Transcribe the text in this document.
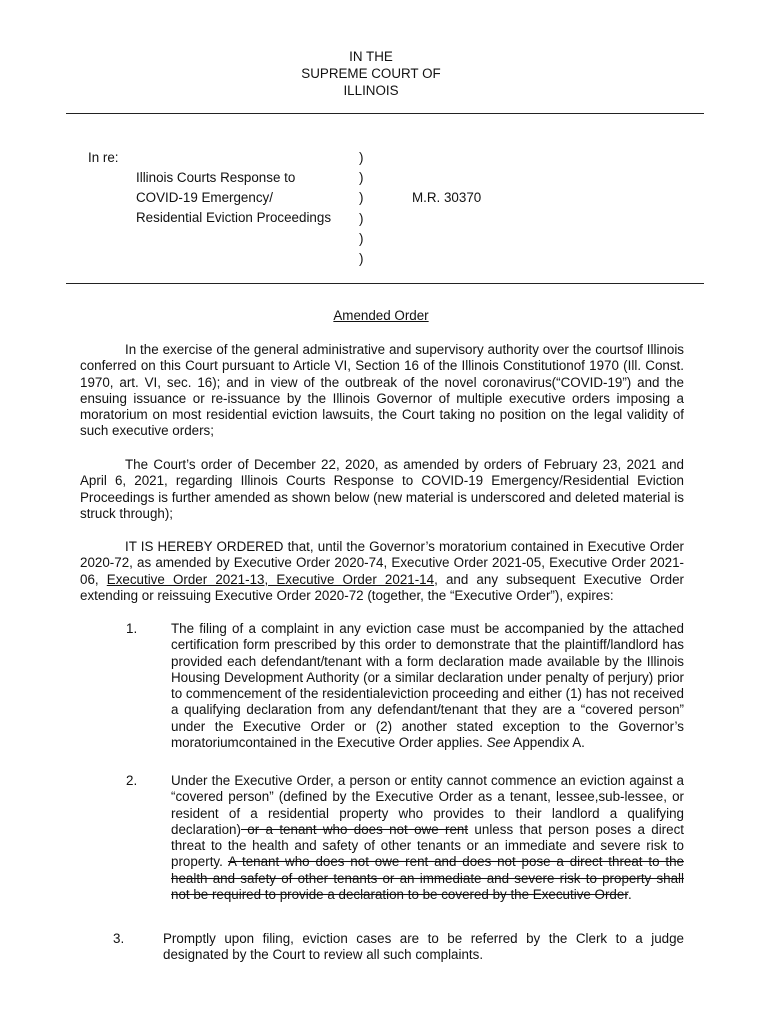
IN THE
SUPREME COURT OF
ILLINOIS
In re:
Illinois Courts Response to
COVID-19 Emergency/
Residential Eviction Proceedings
)
)
)
)
)
)
M.R. 30370
Amended Order
In the exercise of the general administrative and supervisory authority over the courtsof Illinois conferred on this Court pursuant to Article VI, Section 16 of the Illinois Constitutionof 1970 (Ill. Const. 1970, art. VI, sec. 16); and in view of the outbreak of the novel coronavirus(“COVID-19”) and the ensuing issuance or re-issuance by the Illinois Governor of multiple executive orders imposing a moratorium on most residential eviction lawsuits, the Court taking no position on the legal validity of such executive orders;
The Court’s order of December 22, 2020, as amended by orders of February 23, 2021 and April 6, 2021, regarding Illinois Courts Response to COVID-19 Emergency/Residential Eviction Proceedings is further amended as shown below (new material is underscored and deleted material is struck through);
IT IS HEREBY ORDERED that, until the Governor’s moratorium contained in Executive Order 2020-72, as amended by Executive Order 2020-74, Executive Order 2021-05, Executive Order 2021-06, Executive Order 2021-13, Executive Order 2021-14, and any subsequent Executive Order extending or reissuing Executive Order 2020-72 (together, the “Executive Order”), expires:
1.	The filing of a complaint in any eviction case must be accompanied by the attached certification form prescribed by this order to demonstrate that the plaintiff/landlord has provided each defendant/tenant with a form declaration made available by the Illinois Housing Development Authority (or a similar declaration under penalty of perjury) prior to commencement of the residentialeviction proceeding and either (1) has not received a qualifying declaration from any defendant/tenant that they are a “covered person” under the Executive Order or (2) another stated exception to the Governor’s moratoriumcontained in the Executive Order applies. See Appendix A.
2.	Under the Executive Order, a person or entity cannot commence an eviction against a “covered person” (defined by the Executive Order as a tenant, lessee,sub-lessee, or resident of a residential property who provides to their landlord a qualifying declaration) or a tenant who does not owe rent unless that person poses a direct threat to the health and safety of other tenants or an immediate and severe risk to property. A tenant who does not owe rent and does not pose a direct threat to the health and safety of other tenants or an immediate and severe risk to property shall not be required to provide a declaration to be covered by the Executive Order.
3.	Promptly upon filing, eviction cases are to be referred by the Clerk to a judge designated by the Court to review all such complaints.
